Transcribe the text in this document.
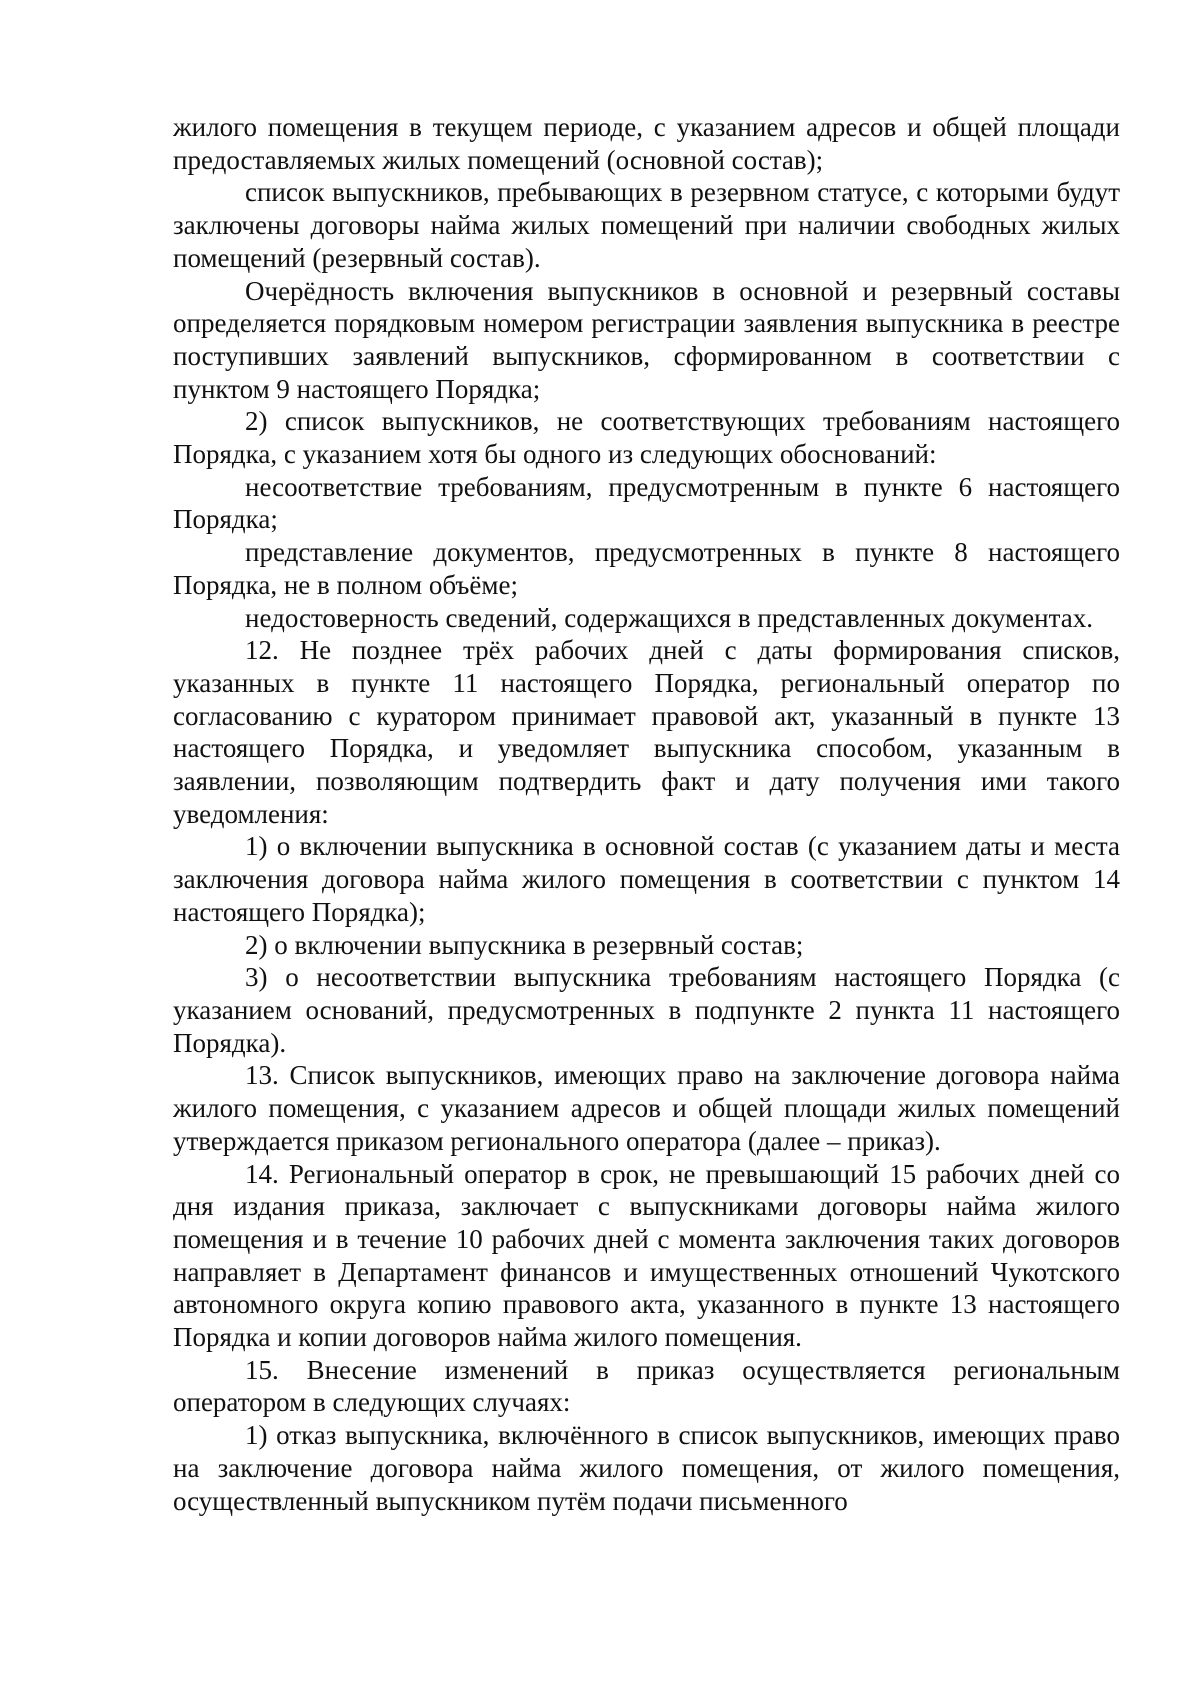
жилого помещения в текущем периоде, с указанием адресов и общей площади предоставляемых жилых помещений (основной состав);

список выпускников, пребывающих в резервном статусе, с которыми будут заключены договоры найма жилых помещений при наличии свободных жилых помещений (резервный состав).

Очерёдность включения выпускников в основной и резервный составы определяется порядковым номером регистрации заявления выпускника в реестре поступивших заявлений выпускников, сформированном в соответствии с пунктом 9 настоящего Порядка;

2) список выпускников, не соответствующих требованиям настоящего Порядка, с указанием хотя бы одного из следующих обоснований:

несоответствие требованиям, предусмотренным в пункте 6 настоящего Порядка;

представление документов, предусмотренных в пункте 8 настоящего Порядка, не в полном объёме;

недостоверность сведений, содержащихся в представленных документах.

12. Не позднее трёх рабочих дней с даты формирования списков, указанных в пункте 11 настоящего Порядка, региональный оператор по согласованию с куратором принимает правовой акт, указанный в пункте 13 настоящего Порядка, и уведомляет выпускника способом, указанным в заявлении, позволяющим подтвердить факт и дату получения ими такого уведомления:

1) о включении выпускника в основной состав (с указанием даты и места заключения договора найма жилого помещения в соответствии с пунктом 14 настоящего Порядка);

2) о включении выпускника в резервный состав;

3) о несоответствии выпускника требованиям настоящего Порядка (с указанием оснований, предусмотренных в подпункте 2 пункта 11 настоящего Порядка).

13. Список выпускников, имеющих право на заключение договора найма жилого помещения, с указанием адресов и общей площади жилых помещений утверждается приказом регионального оператора (далее – приказ).

14. Региональный оператор в срок, не превышающий 15 рабочих дней со дня издания приказа, заключает с выпускниками договоры найма жилого помещения и в течение 10 рабочих дней с момента заключения таких договоров направляет в Департамент финансов и имущественных отношений Чукотского автономного округа копию правового акта, указанного в пункте 13 настоящего Порядка и копии договоров найма жилого помещения.

15. Внесение изменений в приказ осуществляется региональным оператором в следующих случаях:

1) отказ выпускника, включённого в список выпускников, имеющих право на заключение договора найма жилого помещения, от жилого помещения, осуществленный выпускником путём подачи письменного
